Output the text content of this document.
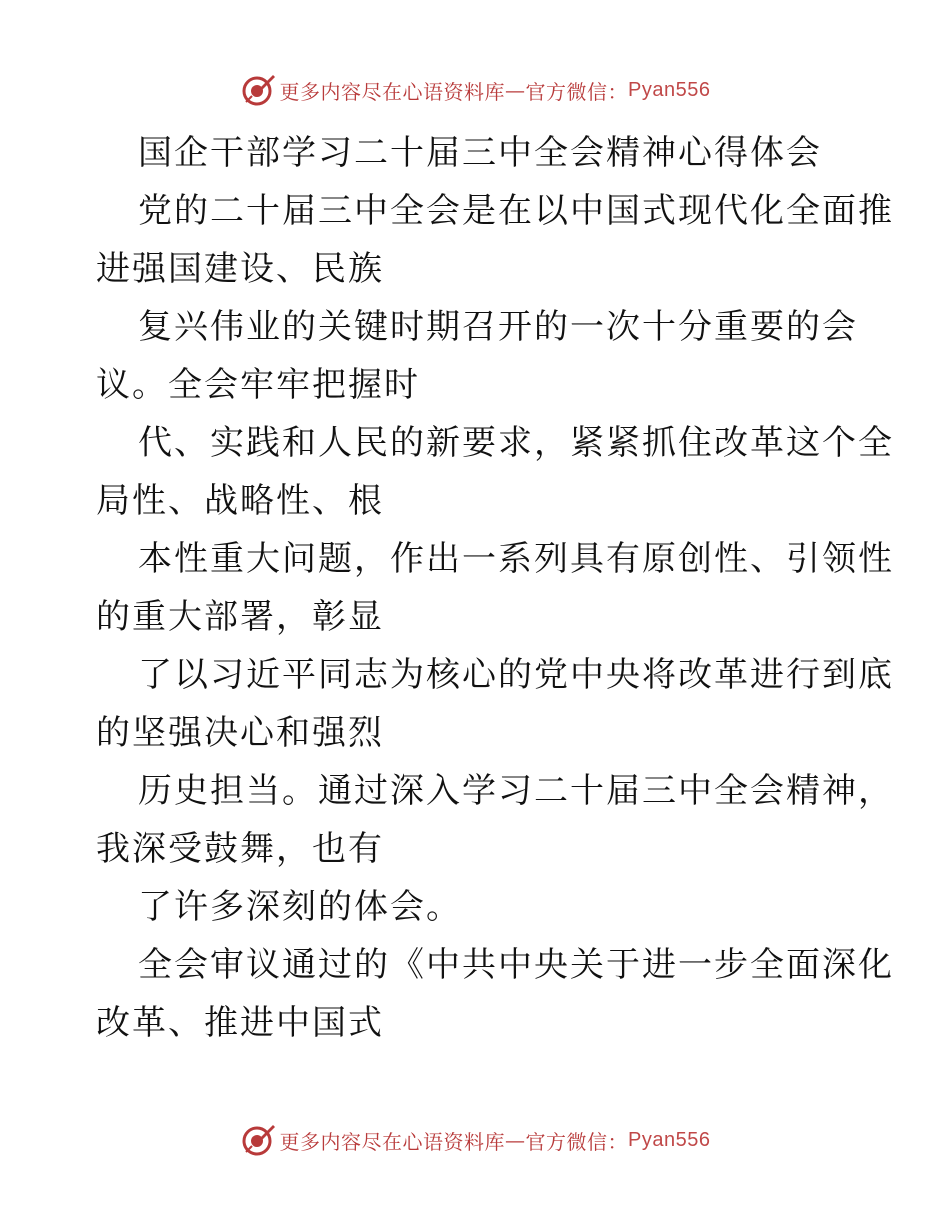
更多内容尽在心语资料库 — 官方微信： Pyan556
国企干部学习二十届三中全会精神心得体会
党的二十届三中全会是在以中国式现代化全面推
进强国建设、民族
复兴伟业的关键时期召开的一次十分重要的会
议。全会牢牢把握时
代、实践和人民的新要求，紧紧抓住改革这个全
局性、战略性、根
本性重大问题，作出一系列具有原创性、引领性
的重大部署，彰显
了以习近平同志为核心的党中央将改革进行到底
的坚强决心和强烈
历史担当。通过深入学习二十届三中全会精神，
我深受鼓舞，也有
了许多深刻的体会。
全会审议通过的《中共中央关于进一步全面深化
改革、推进中国式
更多内容尽在心语资料库 — 官方微信： Pyan556
